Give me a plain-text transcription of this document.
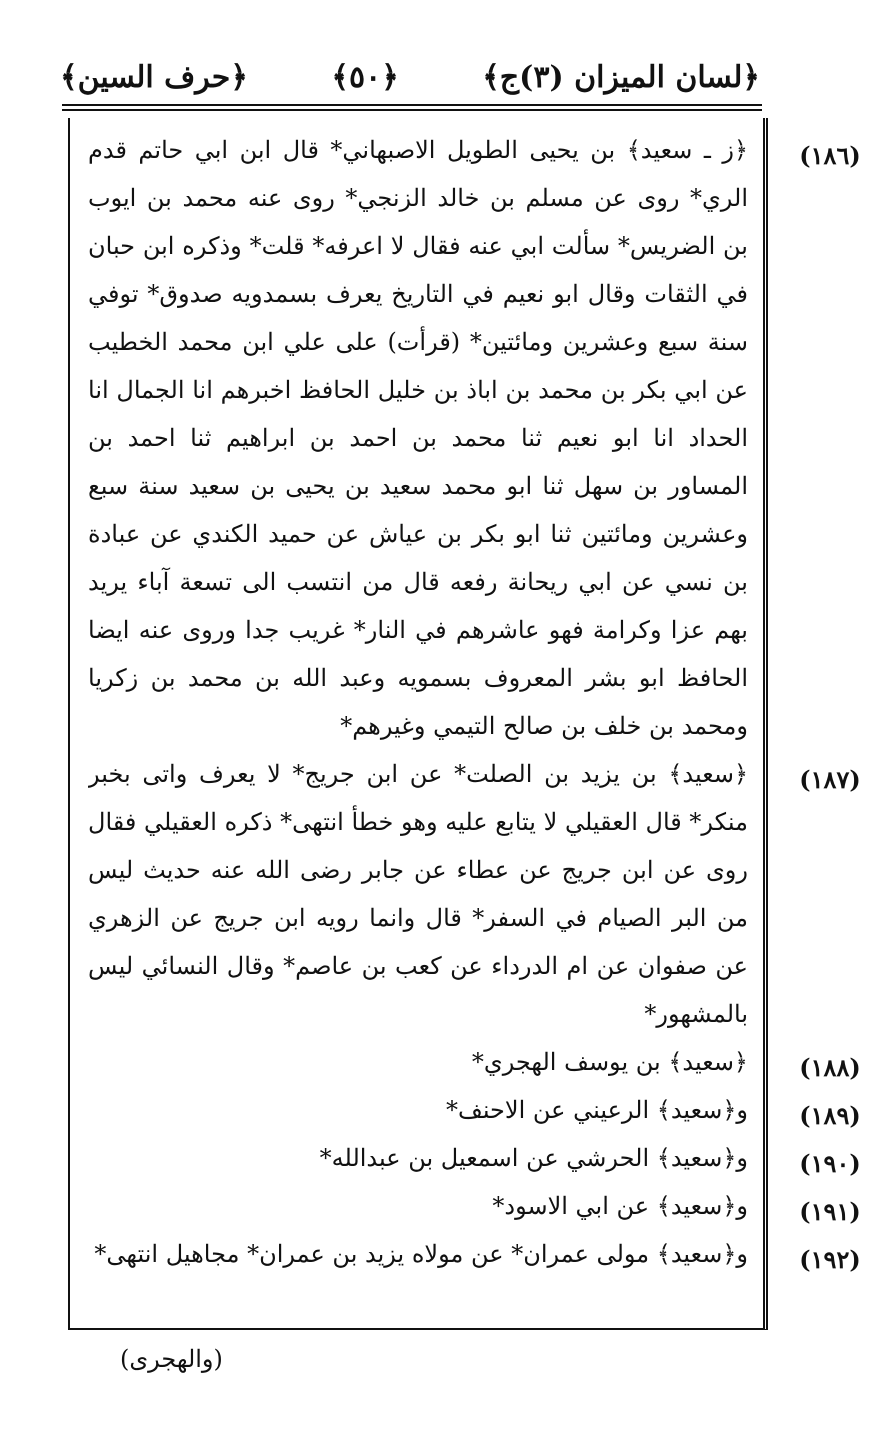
﴿لسان الميزان (٣)ج﴾
﴿٥٠﴾
﴿حرف السين﴾

﴿ز ـ سعيد﴾ بن يحيى الطويل الاصبهاني* قال ابن ابي حاتم قدم الري* روى عن مسلم بن خالد الزنجي* روى عنه محمد بن ايوب بن الضريس* سألت ابي عنه فقال لا اعرفه* قلت* وذكره ابن حبان في الثقات وقال ابو نعيم في التاريخ يعرف بسمدويه صدوق* توفي سنة سبع وعشرين ومائتين* (قرأت) على علي ابن محمد الخطيب عن ابي بكر بن محمد بن اباذ بن خليل الحافظ اخبرهم انا الجمال انا الحداد انا ابو نعيم ثنا محمد بن احمد بن ابراهيم ثنا احمد بن المساور بن سهل ثنا ابو محمد سعيد بن يحيى بن سعيد سنة سبع وعشرين ومائتين ثنا ابو بكر بن عياش عن حميد الكندي عن عبادة بن نسي عن ابي ريحانة رفعه قال من انتسب الى تسعة آباء يريد بهم عزا وكرامة فهو عاشرهم في النار* غريب جدا وروى عنه ايضا الحافظ ابو بشر المعروف بسمويه وعبد الله بن محمد بن زكريا ومحمد بن خلف بن صالح التيمي وغيرهم*

﴿سعيد﴾ بن يزيد بن الصلت* عن ابن جريج* لا يعرف واتى بخبر منكر* قال العقيلي لا يتابع عليه وهو خطأ انتهى* ذكره العقيلي فقال روى عن ابن جريج عن عطاء عن جابر رضى الله عنه حديث ليس من البر الصيام في السفر* قال وانما رويه ابن جريج عن الزهري عن صفوان عن ام الدرداء عن كعب بن عاصم* وقال النسائي ليس بالمشهور*

﴿سعيد﴾ بن يوسف الهجري*

و﴿سعيد﴾ الرعيني عن الاحنف*

و﴿سعيد﴾ الحرشي عن اسمعيل بن عبدالله*

و﴿سعيد﴾ عن ابي الاسود*

و﴿سعيد﴾ مولى عمران* عن مولاه يزيد بن عمران* مجاهيل انتهى*

(١٨٦)
(١٨٧)
(١٨٨)
(١٨٩)
(١٩٠)
(١٩١)
(١٩٢)
(والهجرى)
